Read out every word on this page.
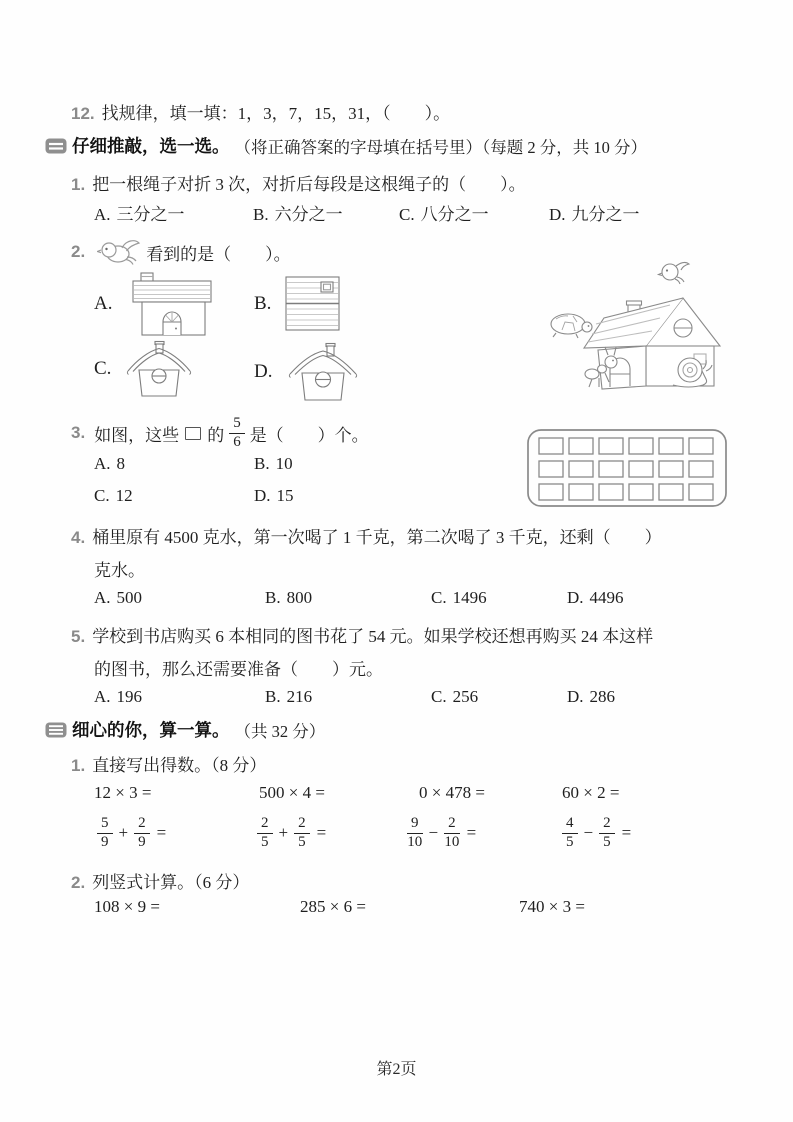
12. 找规律，填一填：1，3，7，15，31，（　　）。
仔细推敲，选一选。 （将正确答案的字母填在括号里）（每题 2 分，共 10 分）
1. 把一根绳子对折 3 次，对折后每段是这根绳子的（　　）。
A. 三分之一	B. 六分之一	C. 八分之一	D. 九分之一
2.	看到的是（　　）。
A.	B.
C.	D.
3. 如图，这些 的 $\frac{5}{6}$ 是（　　）个。
A. 8	B. 10
C. 12	D. 15
4. 桶里原有 4500 克水，第一次喝了 1 千克，第二次喝了 3 千克，还剩（　　）
克水。
A. 500	B. 800	C. 1496	D. 4496
5. 学校到书店购买 6 本相同的图书花了 54 元。如果学校还想再购买 24 本这样
的图书，那么还需要准备（　　）元。
A. 196	B. 216	C. 256	D. 286
细心的你，算一算。 （共 32 分）
1. 直接写出得数。（8 分）
12 × 3 =	500 × 4 =	0 × 478 =	60 × 2 =
$\frac{5}{9} + \frac{2}{9}$ =	$\frac{2}{5} + \frac{2}{5}$ =	$\frac{9}{10} - \frac{2}{10}$ =	$\frac{4}{5} - \frac{2}{5}$ =
2. 列竖式计算。（6 分）
108 × 9 =	285 × 6 =	740 × 3 =
第2页
